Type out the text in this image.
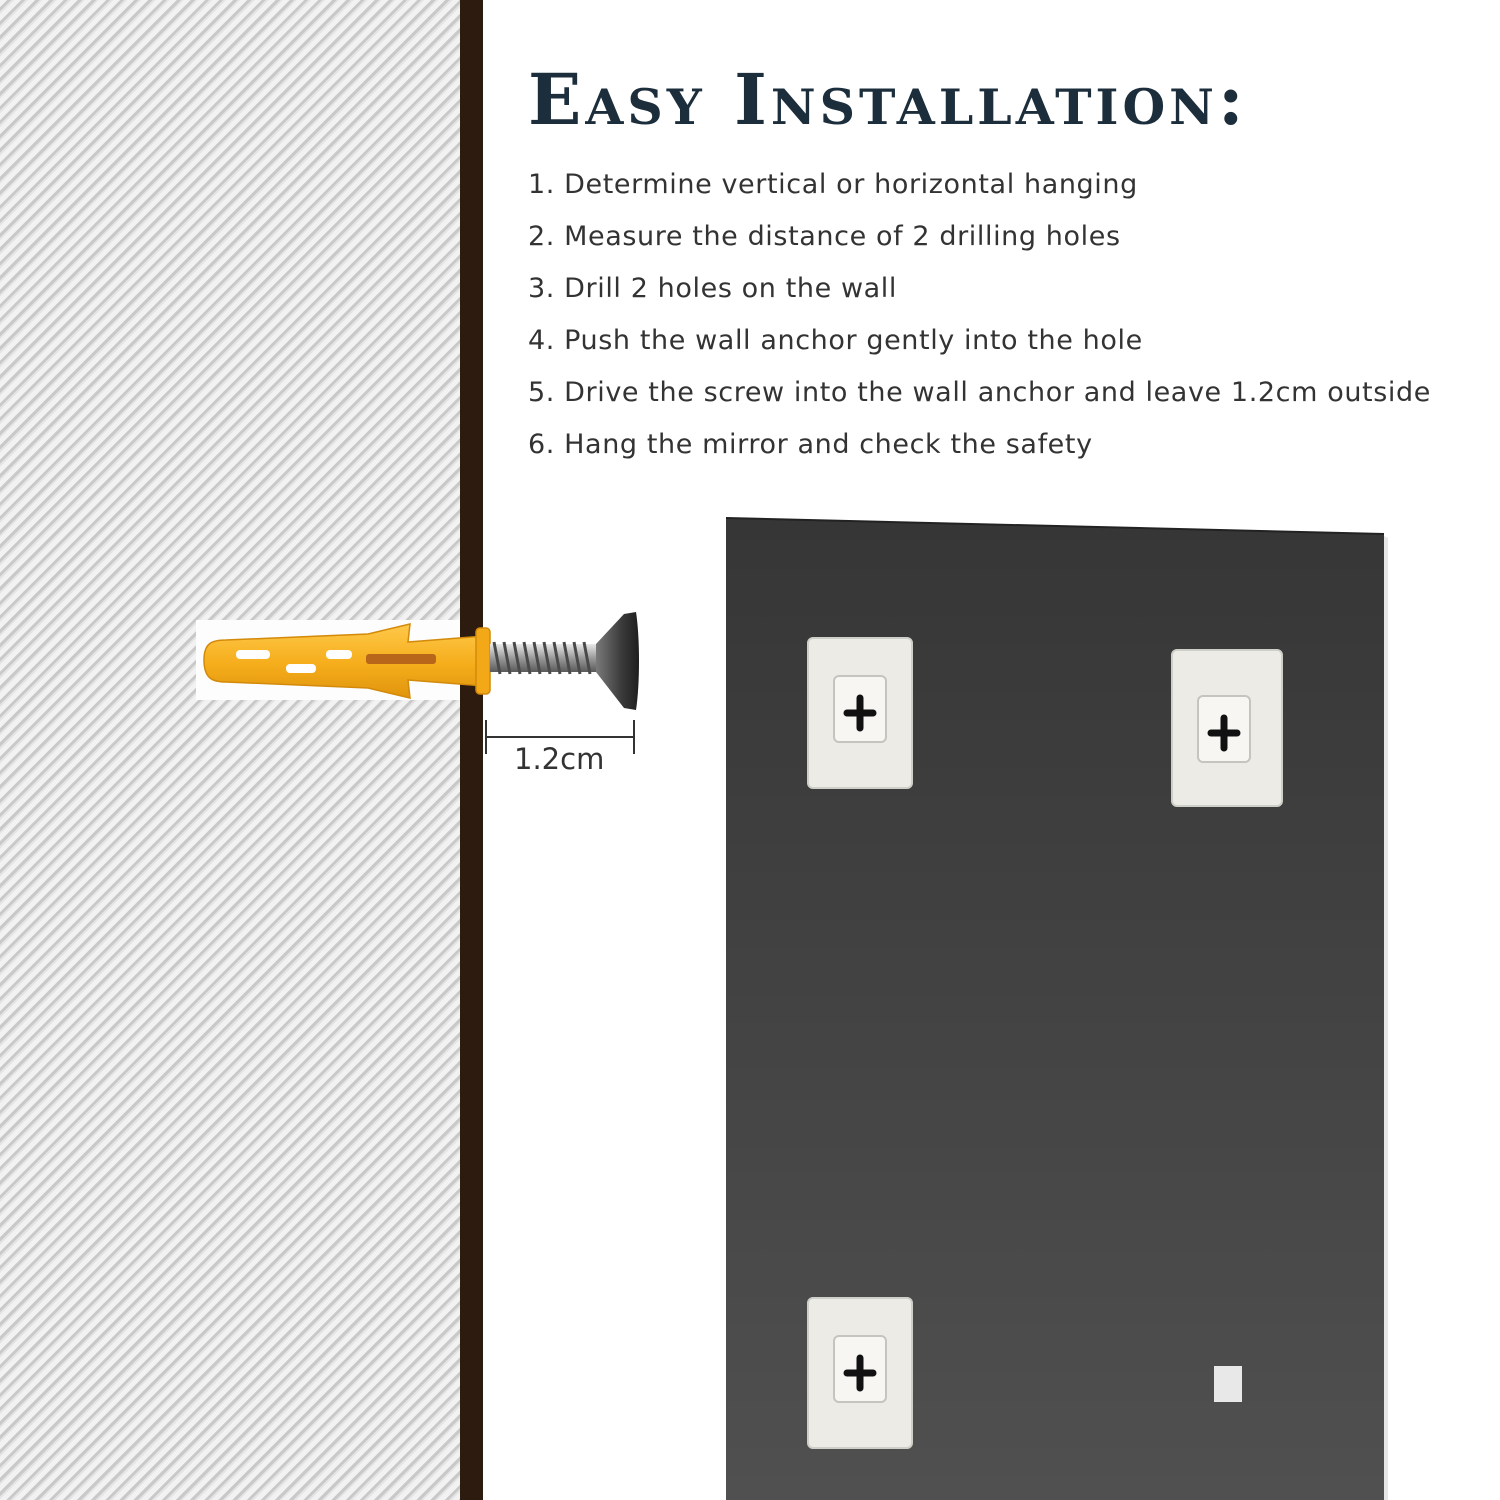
Easy Installation:
1. Determine vertical or horizontal hanging
2. Measure the distance of 2 drilling holes
3. Drill 2 holes on the wall
4. Push the wall anchor gently into the hole
5. Drive the screw into the wall anchor and leave 1.2cm outside
6. Hang the mirror and check the safety
1.2cm
